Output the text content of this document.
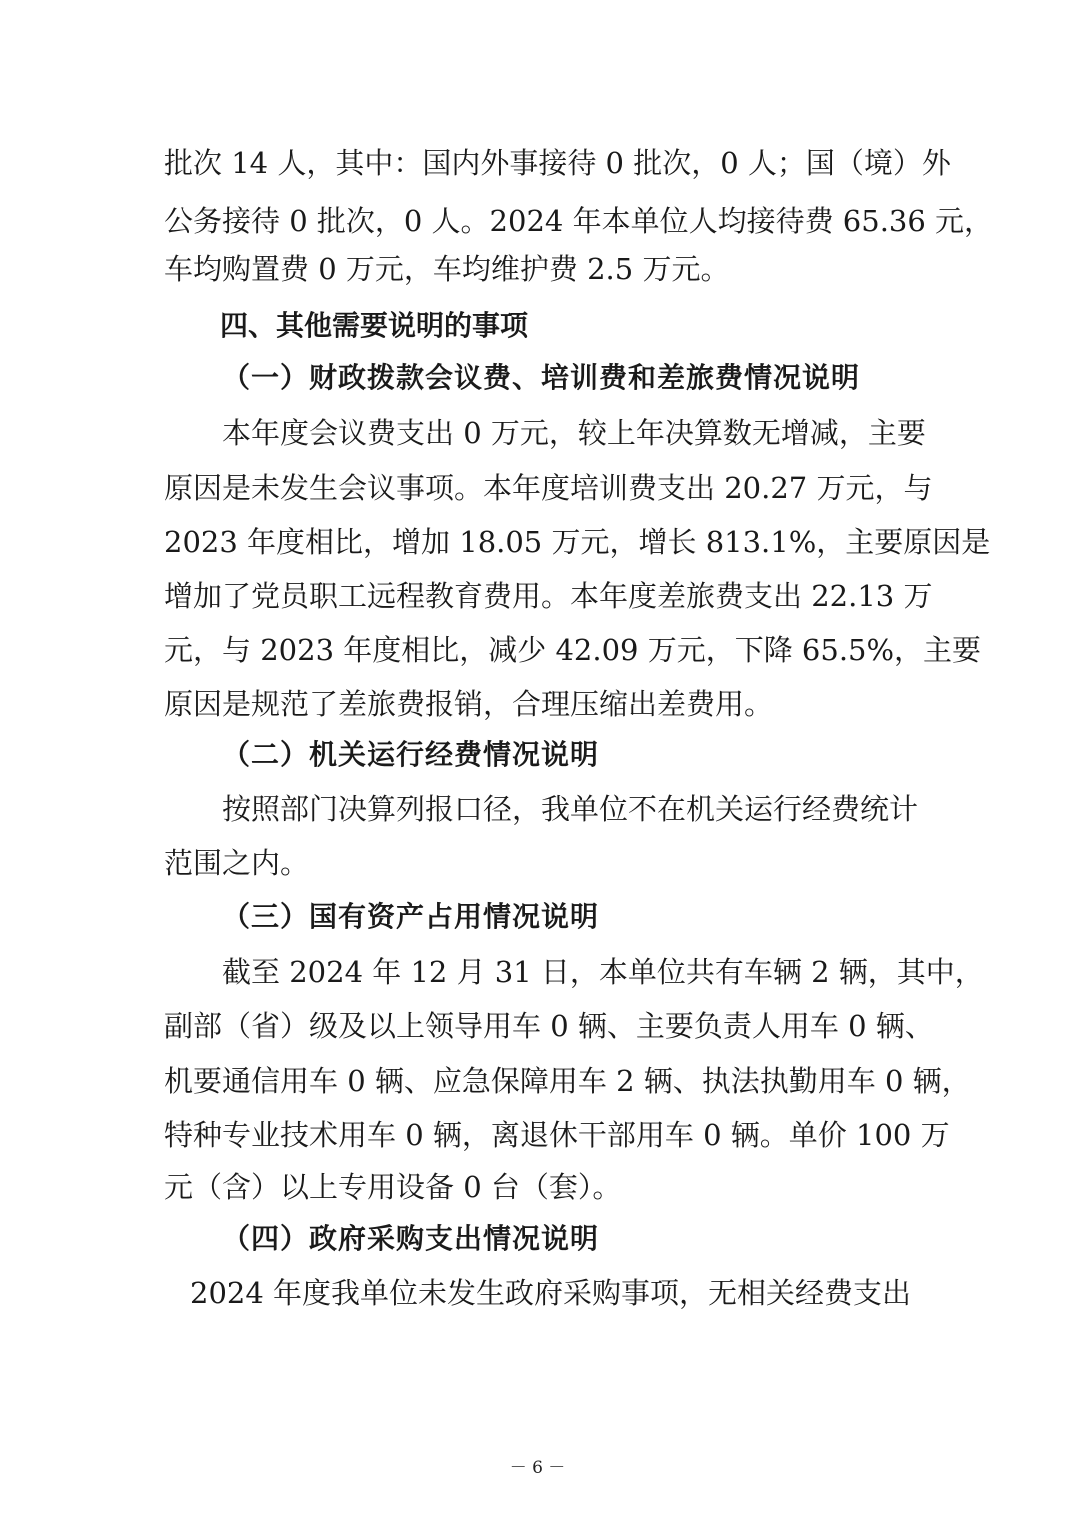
批次 14 人，其中：国内外事接待 0 批次，0 人；国（境）外
公务接待 0 批次，0 人。2024 年本单位人均接待费 65.36 元，
车均购置费 0 万元，车均维护费 2.5 万元。
四、其他需要说明的事项
（一）财政拨款会议费、培训费和差旅费情况说明
本年度会议费支出 0 万元，较上年决算数无增减，主要
原因是未发生会议事项。本年度培训费支出 20.27 万元，与
2023 年度相比，增加 18.05 万元，增长 813.1%，主要原因是
增加了党员职工远程教育费用。本年度差旅费支出 22.13 万
元，与 2023 年度相比，减少 42.09 万元，下降 65.5%，主要
原因是规范了差旅费报销，合理压缩出差费用。
（二）机关运行经费情况说明
按照部门决算列报口径，我单位不在机关运行经费统计
范围之内。
（三）国有资产占用情况说明
截至 2024 年 12 月 31 日，本单位共有车辆 2 辆，其中，
副部（省）级及以上领导用车 0 辆、主要负责人用车 0 辆、
机要通信用车 0 辆、应急保障用车 2 辆、执法执勤用车 0 辆，
特种专业技术用车 0 辆，离退休干部用车 0 辆。单价 100 万
元（含）以上专用设备 0 台（套）。
（四）政府采购支出情况说明
2024 年度我单位未发生政府采购事项，无相关经费支出
－ 6 －
